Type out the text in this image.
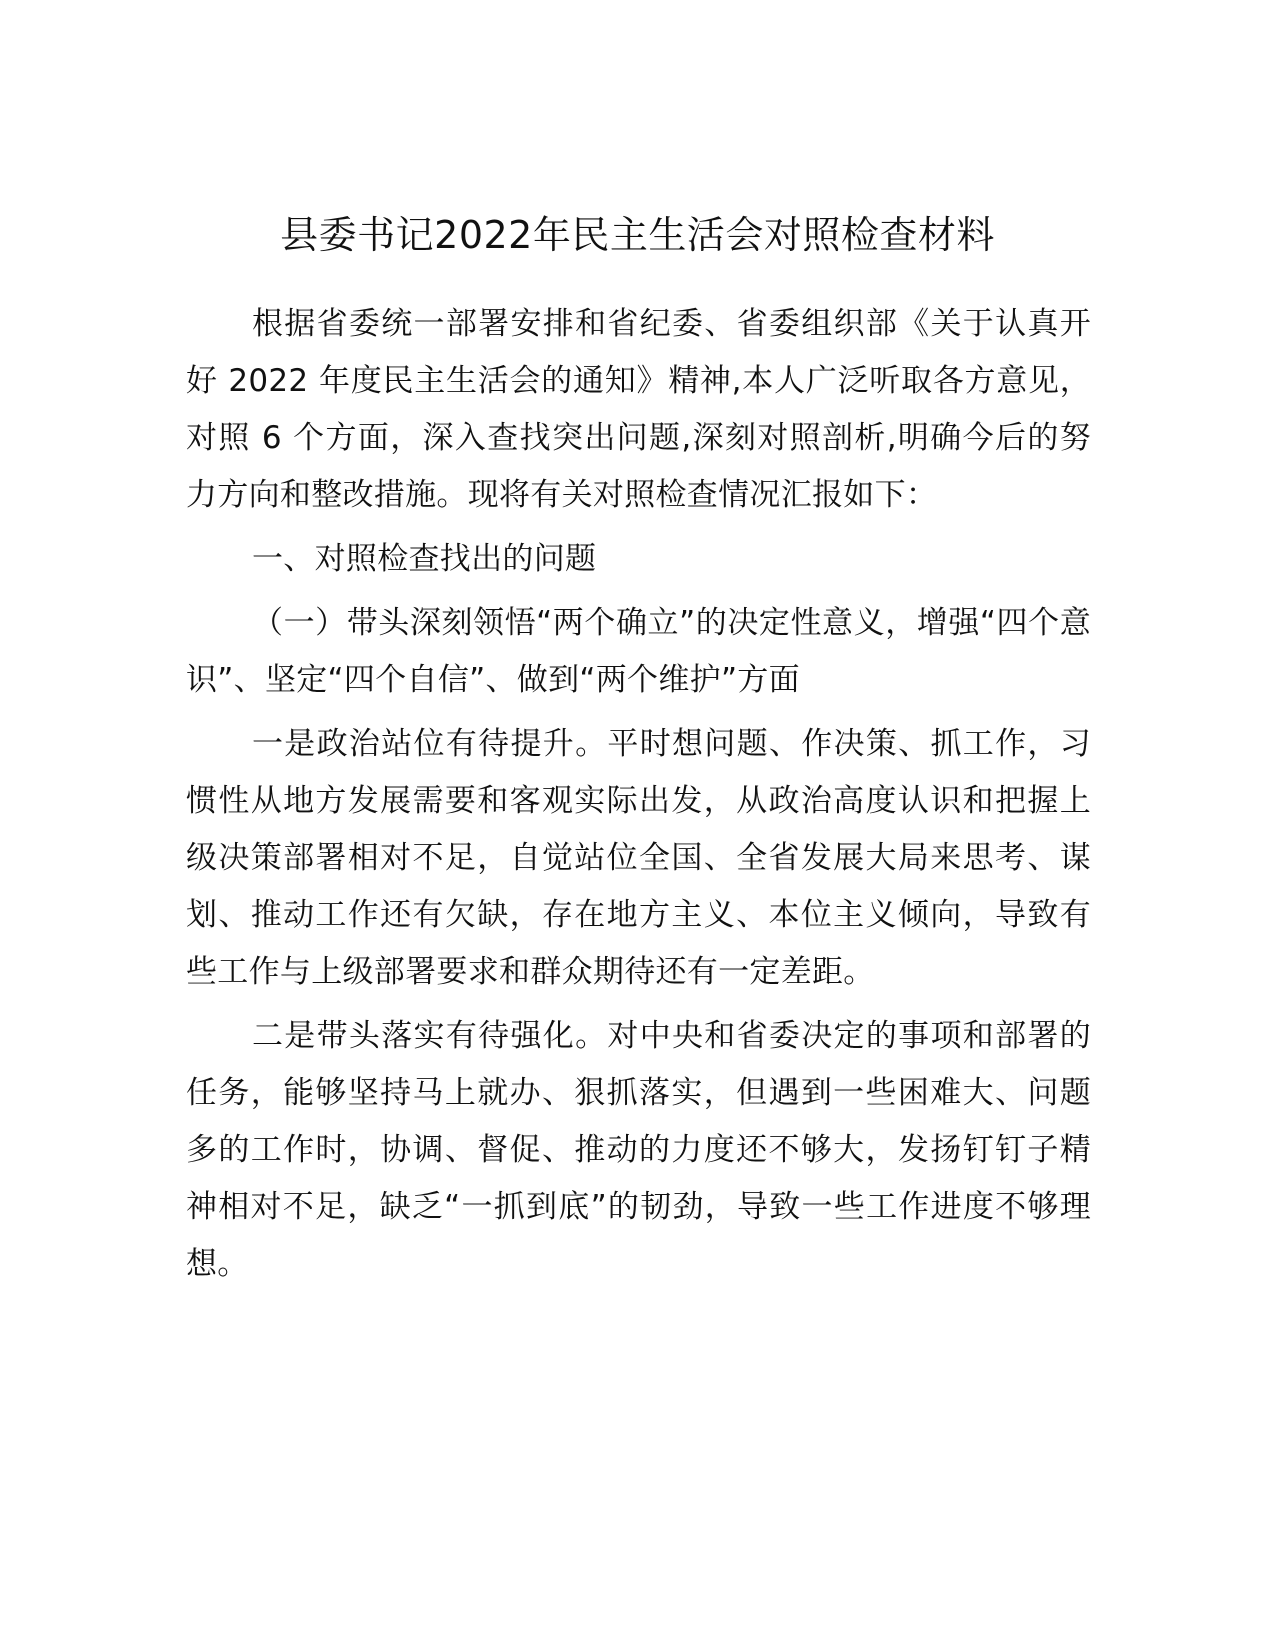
县委书记2022年民主生活会对照检查材料

根据省委统一部署安排和省纪委、省委组织部《关于认真开好 2022 年度民主生活会的通知》精神,本人广泛听取各方意见，对照 6 个方面，深入查找突出问题,深刻对照剖析,明确今后的努力方向和整改措施。现将有关对照检查情况汇报如下：

一、对照检查找出的问题

（一）带头深刻领悟“两个确立”的决定性意义，增强“四个意识”、坚定“四个自信”、做到“两个维护”方面

一是政治站位有待提升。平时想问题、作决策、抓工作，习惯性从地方发展需要和客观实际出发，从政治高度认识和把握上级决策部署相对不足，自觉站位全国、全省发展大局来思考、谋划、推动工作还有欠缺，存在地方主义、本位主义倾向，导致有些工作与上级部署要求和群众期待还有一定差距。

二是带头落实有待强化。对中央和省委决定的事项和部署的任务，能够坚持马上就办、狠抓落实，但遇到一些困难大、问题多的工作时，协调、督促、推动的力度还不够大，发扬钉钉子精神相对不足，缺乏“一抓到底”的韧劲，导致一些工作进度不够理想。
